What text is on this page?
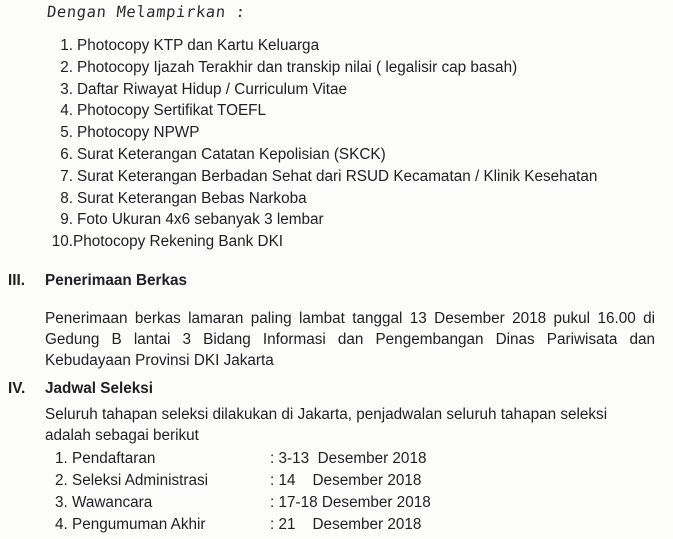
Dengan Melampirkan :
1. Photocopy KTP dan Kartu Keluarga
2. Photocopy Ijazah Terakhir dan transkip nilai ( legalisir cap basah)
3. Daftar Riwayat Hidup / Curriculum Vitae
4. Photocopy Sertifikat TOEFL
5. Photocopy NPWP
6. Surat Keterangan Catatan Kepolisian (SKCK)
7. Surat Keterangan Berbadan Sehat dari RSUD Kecamatan / Klinik Kesehatan
8. Surat Keterangan Bebas Narkoba
9. Foto Ukuran 4x6 sebanyak 3 lembar
10.Photocopy Rekening Bank DKI
III. Penerimaan Berkas

Penerimaan berkas lamaran paling lambat tanggal 13 Desember 2018 pukul 16.00 di Gedung B lantai 3 Bidang Informasi dan Pengembangan Dinas Pariwisata dan Kebudayaan Provinsi DKI Jakarta

IV. Jadwal Seleksi

Seluruh tahapan seleksi dilakukan di Jakarta, penjadwalan seluruh tahapan seleksi adalah sebagai berikut

1. Pendaftaran	: 3-13  Desember 2018
2. Seleksi Administrasi	: 14    Desember 2018
3. Wawancara	: 17-18 Desember 2018
4. Pengumuman Akhir	: 21    Desember 2018
